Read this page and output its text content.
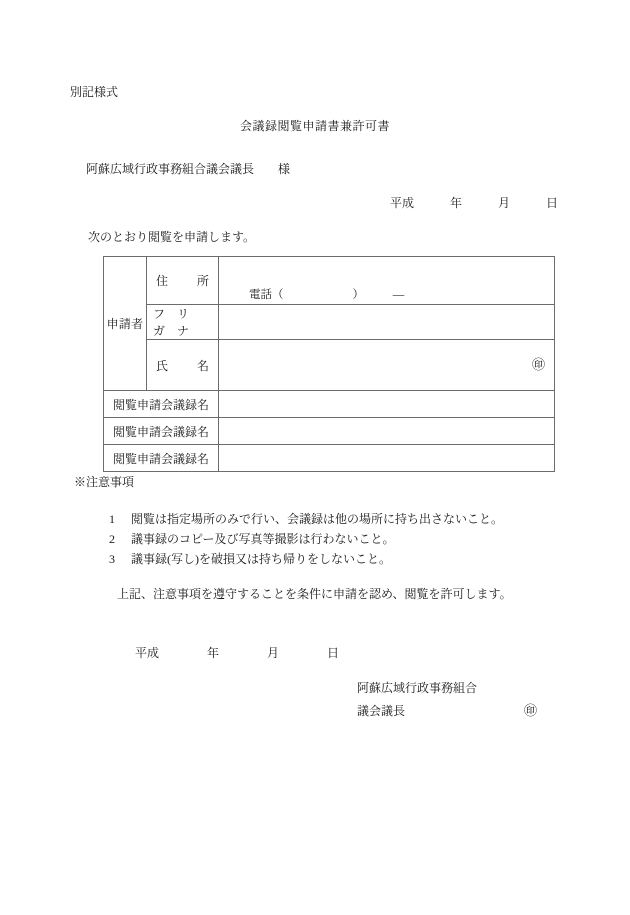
別記様式
会議録閲覧申請書兼許可書
阿蘇広域行政事務組合議会議長　　様
平成　　　年　　　月　　　日
次のとおり閲覧を申請します。
申請者	住 所	電話（　　　　　　）　　　—

	フ　リ　ガ　ナ	

	氏 名	㊞

閲覧申請会議録名		
閲覧申請会議録名		
閲覧申請会議録名		
※注意事項

1 閲覧は指定場所のみで行い、会議録は他の場所に持ち出さないこと。

2 議事録のコピー及び写真等撮影は行わないこと。

3 議事録(写し)を破損又は持ち帰りをしないこと。

上記、注意事項を遵守することを条件に申請を認め、閲覧を許可します。
平成　　　　年　　　　月　　　　日
阿蘇広域行政事務組合
議会議長	㊞
